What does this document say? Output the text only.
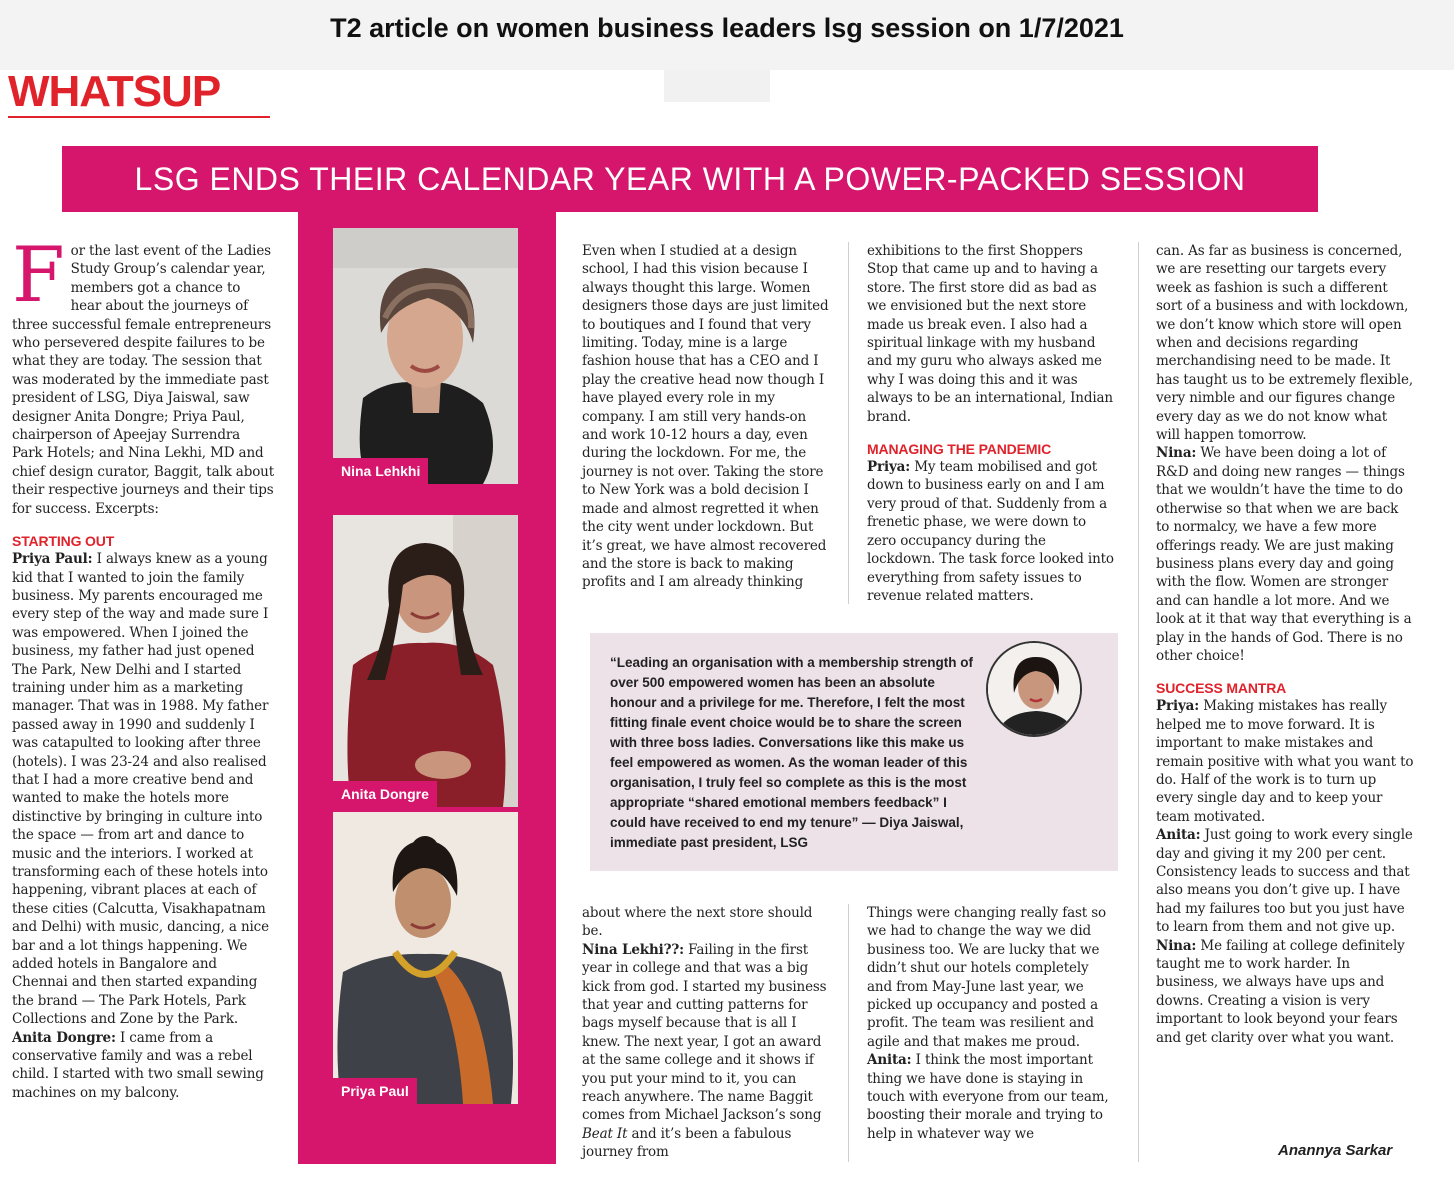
T2 article on women business leaders lsg session on 1/7/2021
WHATSUP
LSG ENDS THEIR CALENDAR YEAR WITH A POWER-PACKED SESSION
Nina Lehkhi
Anita Dongre
Priya Paul

For the last event of the Ladies Study Group’s calendar year, members got a chance to hear about the journeys of three successful female entrepreneurs who persevered despite failures to be what they are today. The session that was moderated by the immediate past president of LSG, Diya Jaiswal, saw designer Anita Dongre; Priya Paul, chairperson of Apeejay Surrendra Park Hotels; and Nina Lekhi, MD and chief design curator, Baggit, talk about their respective journeys and their tips for success. Excerpts:

STARTING OUT

Priya Paul: I always knew as a young kid that I wanted to join the family business. My parents encouraged me every step of the way and made sure I was empowered. When I joined the business, my father had just opened The Park, New Delhi and I started training under him as a marketing manager. That was in 1988. My father passed away in 1990 and suddenly I was catapulted to looking after three (hotels). I was 23-24 and also realised that I had a more creative bend and wanted to make the hotels more distinctive by bringing in culture into the space — from art and dance to music and the interiors. I worked at transforming each of these hotels into happening, vibrant places at each of these cities (Calcutta, Visakhapatnam and Delhi) with music, dancing, a nice bar and a lot things happening. We added hotels in Bangalore and Chennai and then started expanding the brand — The Park Hotels, Park Collections and Zone by the Park.

Anita Dongre: I came from a conservative family and was a rebel child. I started with two small sewing machines on my balcony.

Even when I studied at a design school, I had this vision because I always thought this large. Women designers those days are just limited to boutiques and I found that very limiting. Today, mine is a large fashion house that has a CEO and I play the creative head now though I have played every role in my company. I am still very hands-on and work 10-12 hours a day, even during the lockdown. For me, the journey is not over. Taking the store to New York was a bold decision I made and almost regretted it when the city went under lockdown. But it’s great, we have almost recovered and the store is back to making profits and I am already thinking

exhibitions to the first Shoppers Stop that came up and to having a store. The first store did as bad as we envisioned but the next store made us break even. I also had a spiritual linkage with my husband and my guru who always asked me why I was doing this and it was always to be an international, Indian brand.

MANAGING THE PANDEMIC

Priya: My team mobilised and got down to business early on and I am very proud of that. Suddenly from a frenetic phase, we were down to zero occupancy during the lockdown. The task force looked into everything from safety issues to revenue related matters.

“Leading an organisation with a membership strength of over 500 empowered women has been an absolute honour and a privilege for me. Therefore, I felt the most fitting finale event choice would be to share the screen with three boss ladies. Conversations like this make us feel empowered as women. As the woman leader of this organisation, I truly feel so complete as this is the most appropriate “shared emotional members feedback” I could have received to end my tenure” — Diya Jaiswal, immediate past president, LSG

about where the next store should be.

Nina Lekhi??: Failing in the first year in college and that was a big kick from god. I started my business that year and cutting patterns for bags myself because that is all I knew. The next year, I got an award at the same college and it shows if you put your mind to it, you can reach anywhere. The name Baggit comes from Michael Jackson’s song Beat It and it’s been a fabulous journey from

Things were changing really fast so we had to change the way we did business too. We are lucky that we didn’t shut our hotels completely and from May-June last year, we picked up occupancy and posted a profit. The team was resilient and agile and that makes me proud.

Anita: I think the most important thing we have done is staying in touch with everyone from our team, boosting their morale and trying to help in whatever way we

can. As far as business is concerned, we are resetting our targets every week as fashion is such a different sort of a business and with lockdown, we don’t know which store will open when and decisions regarding merchandising need to be made. It has taught us to be extremely flexible, very nimble and our figures change every day as we do not know what will happen tomorrow.

Nina: We have been doing a lot of R&D and doing new ranges — things that we wouldn’t have the time to do otherwise so that when we are back to normalcy, we have a few more offerings ready. We are just making business plans every day and going with the flow. Women are stronger and can handle a lot more. And we look at it that way that everything is a play in the hands of God. There is no other choice!

SUCCESS MANTRA

Priya: Making mistakes has really helped me to move forward. It is important to make mistakes and remain positive with what you want to do. Half of the work is to turn up every single day and to keep your team motivated.

Anita: Just going to work every single day and giving it my 200 per cent. Consistency leads to success and that also means you don’t give up. I have had my failures too but you just have to learn from them and not give up.

Nina: Me failing at college definitely taught me to work harder. In business, we always have ups and downs. Creating a vision is very important to look beyond your fears and get clarity over what you want.

Anannya Sarkar
